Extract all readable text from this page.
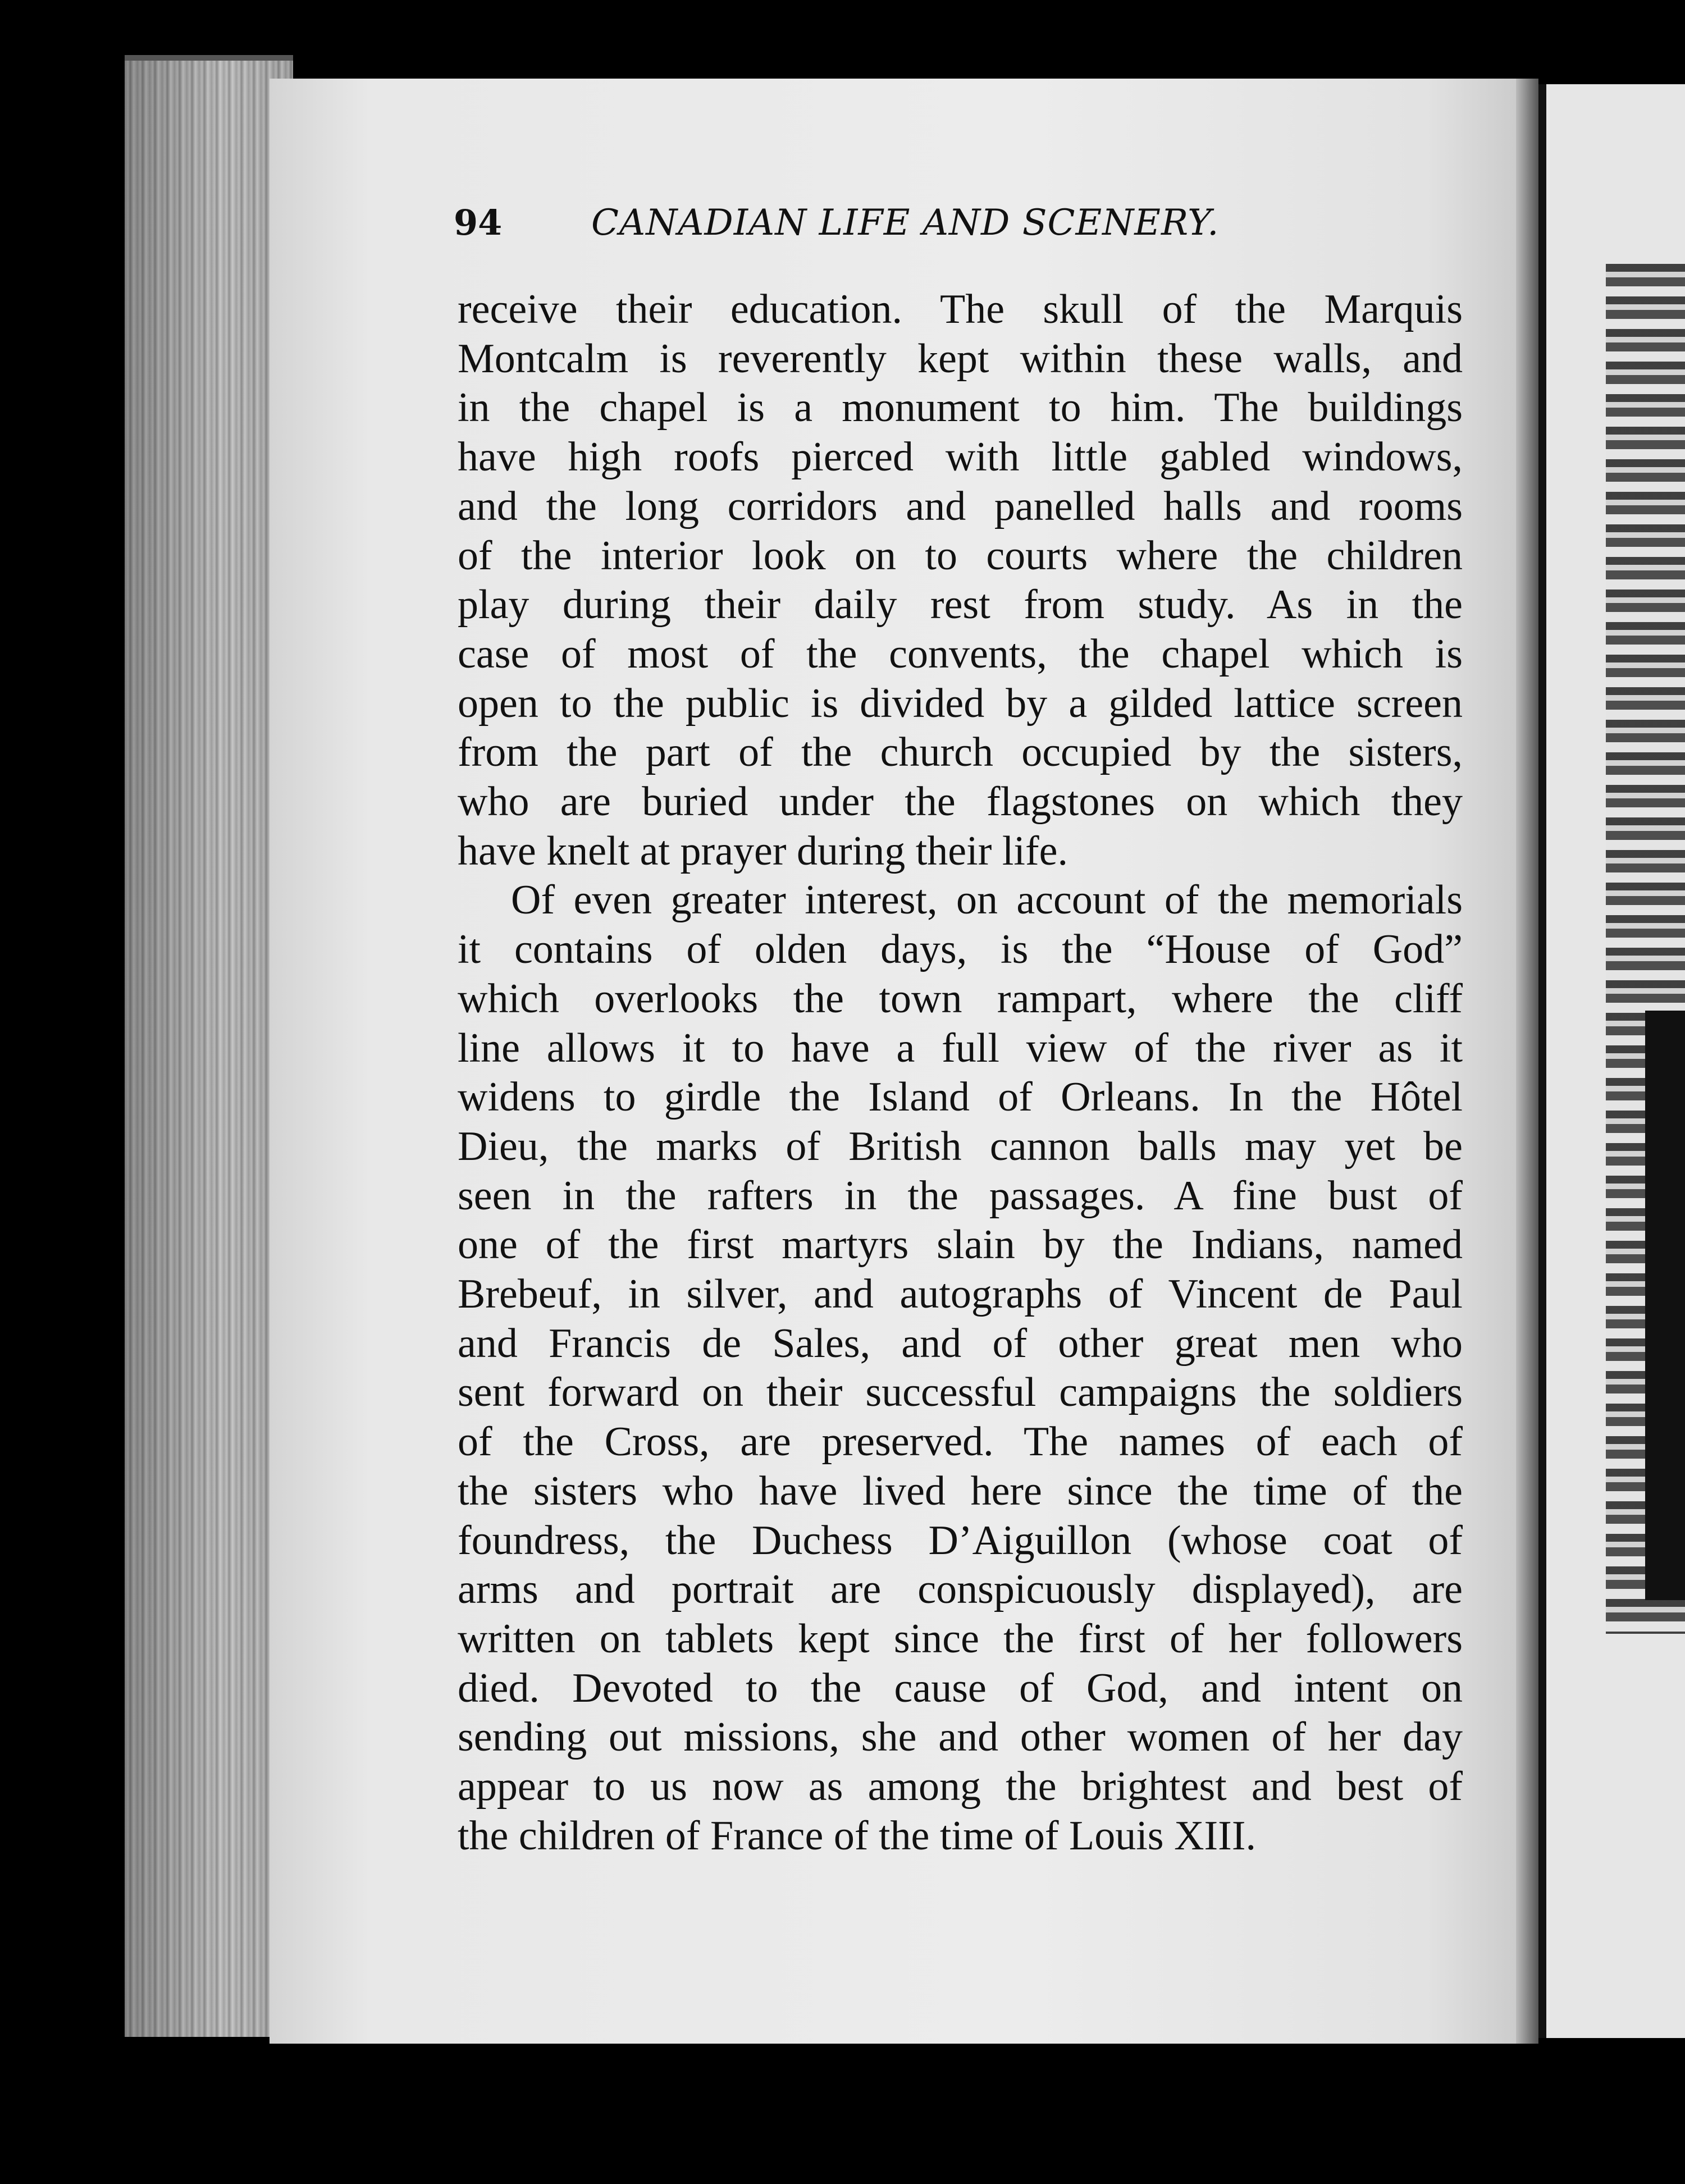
94 CANADIAN LIFE AND SCENERY.
receive their education. The skull of the Marquis
Montcalm is reverently kept within these walls, and
in the chapel is a monument to him. The buildings
have high roofs pierced with little gabled windows,
and the long corridors and panelled halls and rooms
of the interior look on to courts where the children
play during their daily rest from study. As in the
case of most of the convents, the chapel which is
open to the public is divided by a gilded lattice screen
from the part of the church occupied by the sisters,
who are buried under the flagstones on which they
have knelt at prayer during their life.
Of even greater interest, on account of the memorials
it contains of olden days, is the “House of God”
which overlooks the town rampart, where the cliff
line allows it to have a full view of the river as it
widens to girdle the Island of Orleans. In the Hôtel
Dieu, the marks of British cannon balls may yet be
seen in the rafters in the passages. A fine bust of
one of the first martyrs slain by the Indians, named
Brebeuf, in silver, and autographs of Vincent de Paul
and Francis de Sales, and of other great men who
sent forward on their successful campaigns the soldiers
of the Cross, are preserved. The names of each of
the sisters who have lived here since the time of the
foundress, the Duchess D’Aiguillon (whose coat of
arms and portrait are conspicuously displayed), are
written on tablets kept since the first of her followers
died. Devoted to the cause of God, and intent on
sending out missions, she and other women of her day
appear to us now as among the brightest and best of
the children of France of the time of Louis XIII.
